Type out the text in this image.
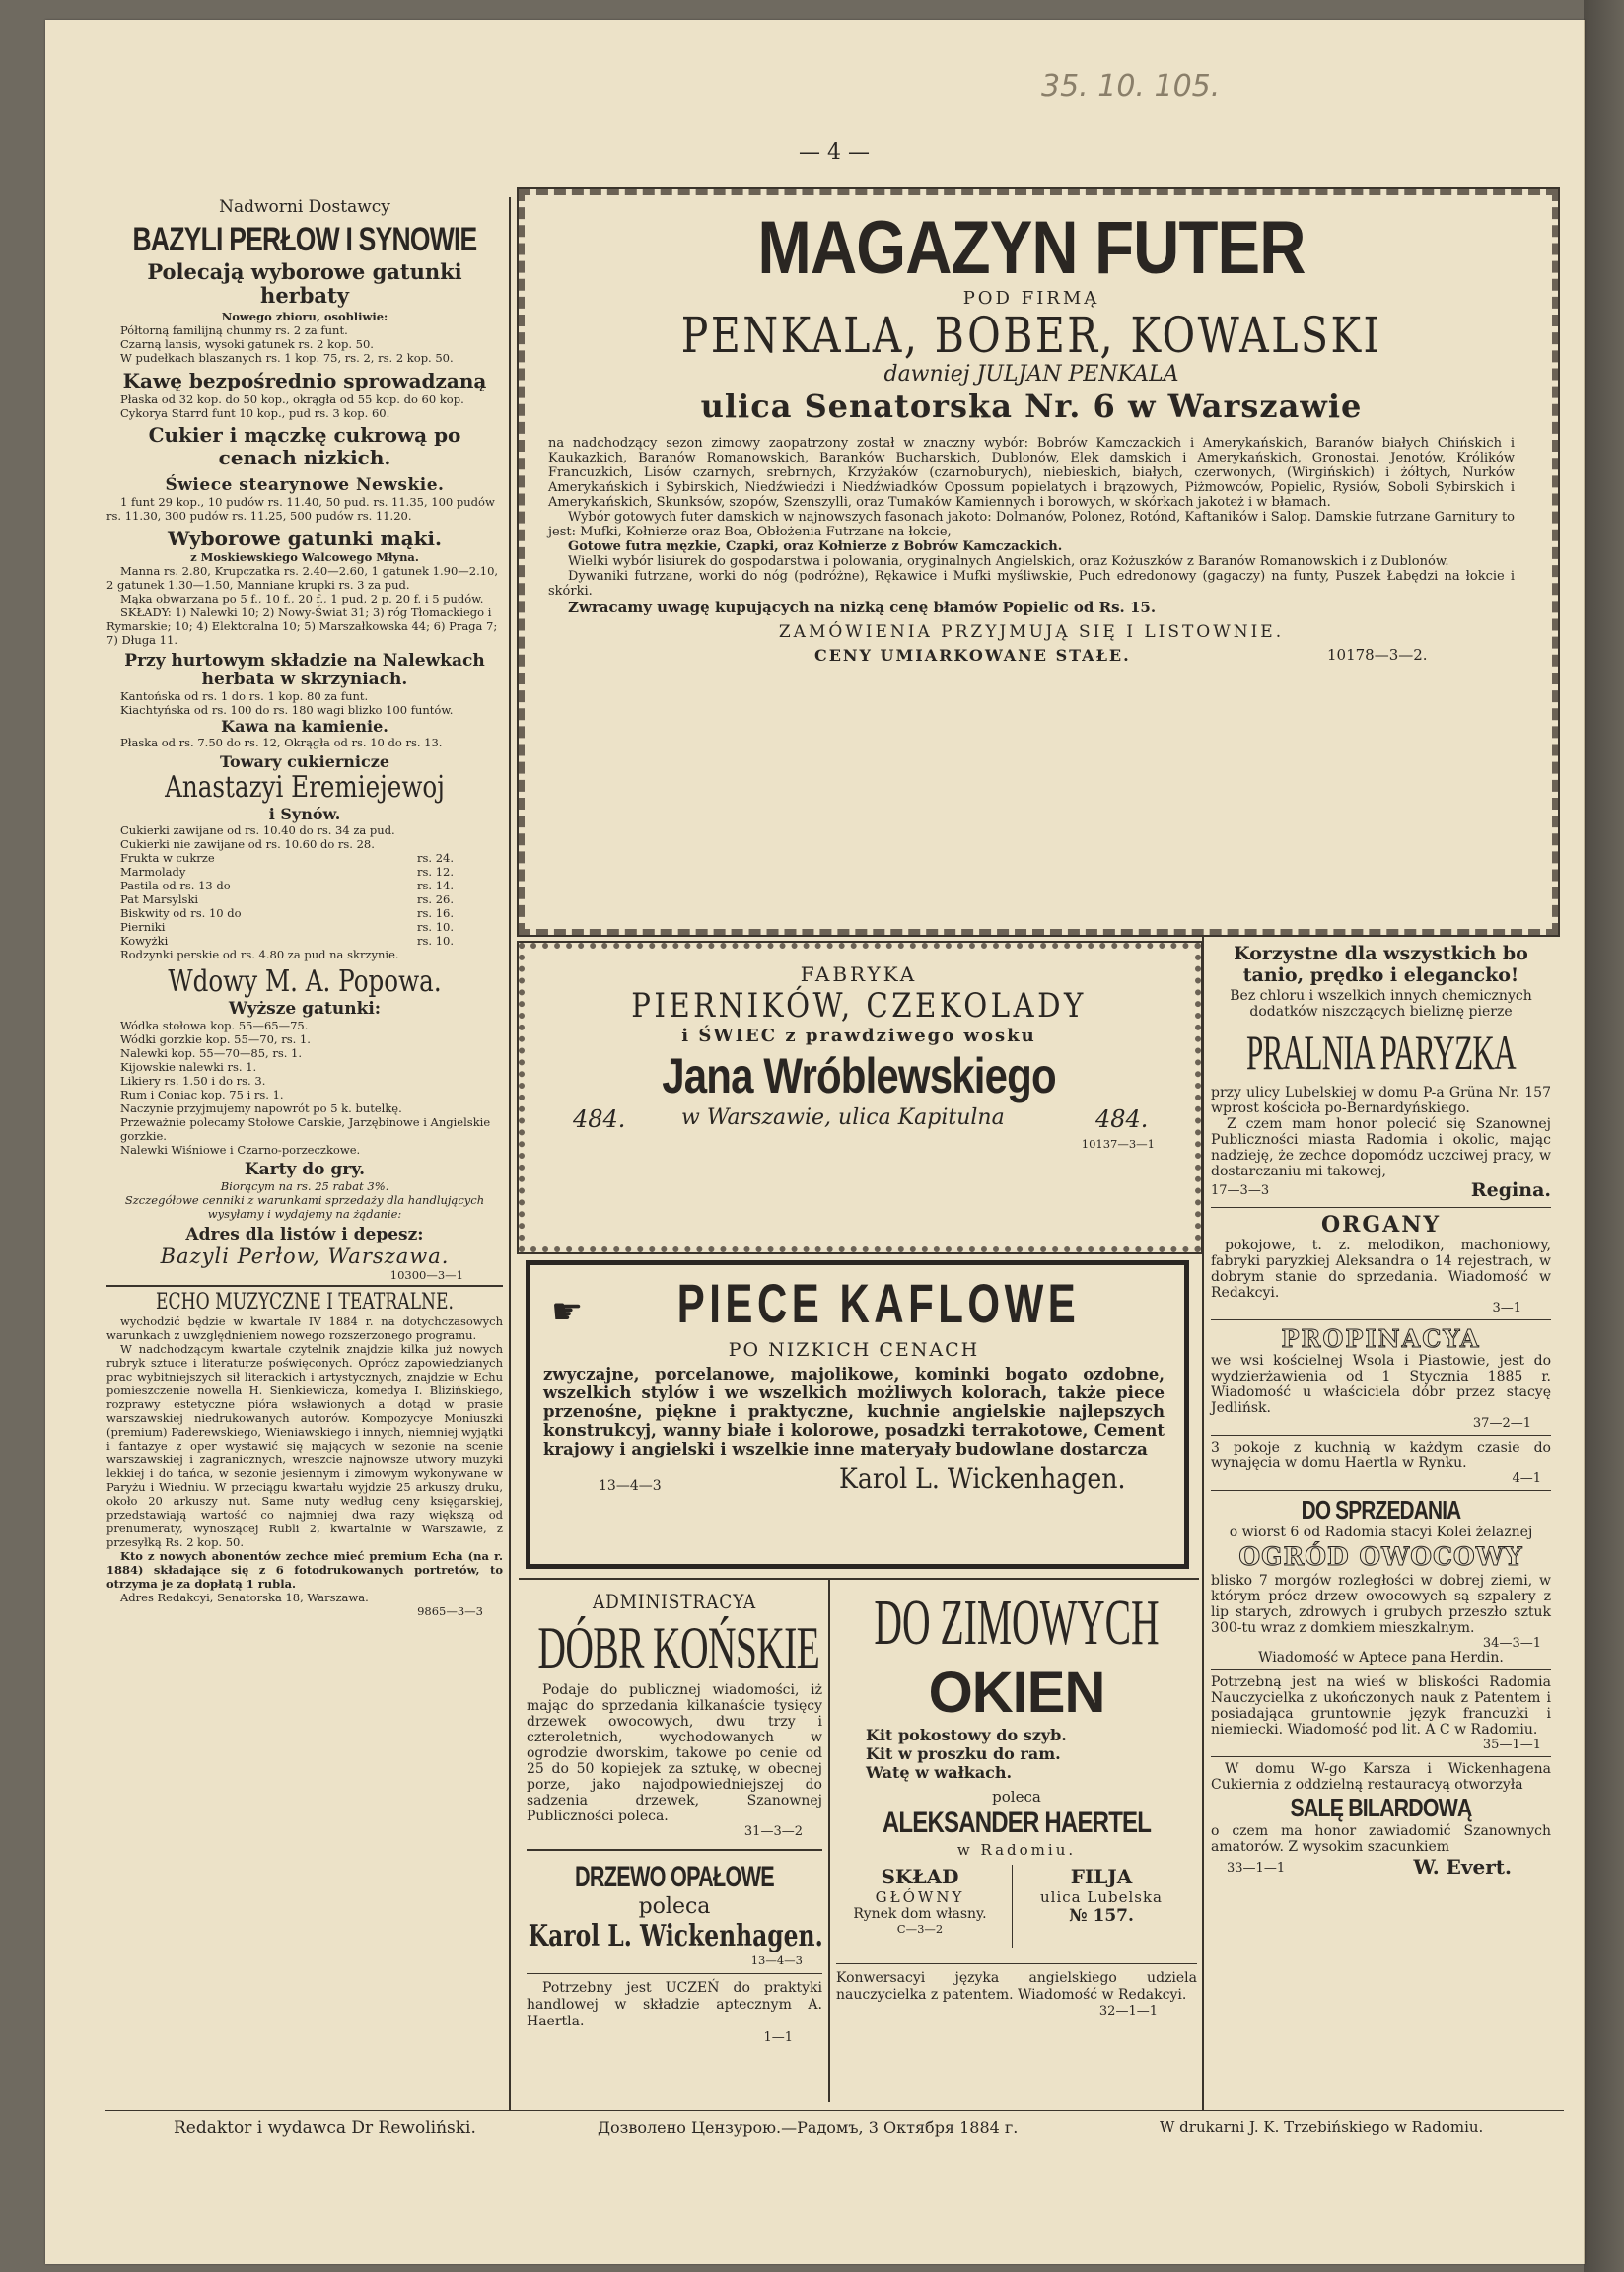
35. 10. 105.
— 4 —
Nadworni Dostawcy
BAZYLI PERŁOW I SYNOWIE
Polecają wyborowe gatunki herbaty
Nowego zbioru, osobliwie:
Półtorną familijną chunmy rs. 2 za funt.
Czarną lansis, wysoki gatunek rs. 2 kop. 50.
W pudełkach blaszanych rs. 1 kop. 75, rs. 2, rs. 2 kop. 50.
Kawę bezpośrednio sprowadzaną
Płaska od 32 kop. do 50 kop., okrągła od 55 kop. do 60 kop.
Cykorya Starrd funt 10 kop., pud rs. 3 kop. 60.
Cukier i mączkę cukrową po cenach nizkich.
Świece stearynowe Newskie.
1 funt 29 kop., 10 pudów rs. 11.40, 50 pud. rs. 11.35, 100 pudów rs. 11.30, 300 pudów rs. 11.25, 500 pudów rs. 11.20.
Wyborowe gatunki mąki.
z Moskiewskiego Walcowego Młyna.
Manna rs. 2.80, Krupczatka rs. 2.40—2.60, 1 gatunek 1.90—2.10, 2 gatunek 1.30—1.50, Manniane krupki rs. 3 za pud.
Mąka obwarzana po 5 f., 10 f., 20 f., 1 pud, 2 p. 20 f. i 5 pudów.
SKŁADY: 1) Nalewki 10; 2) Nowy-Świat 31; 3) róg Tłomackiego i Rymarskie; 10; 4) Elektoralna 10; 5) Marszałkowska 44; 6) Praga 7; 7) Długa 11.
Przy hurtowym składzie na Nalewkach herbata w skrzyniach.
Kantońska od rs. 1 do rs. 1 kop. 80 za funt.
Kiachtyńska od rs. 100 do rs. 180 wagi blizko 100 funtów.
Kawa na kamienie.
Płaska od rs. 7.50 do rs. 12, Okrągła od rs. 10 do rs. 13.
Towary cukiernicze
Anastazyi Eremiejewoj
i Synów.
Cukierki zawijane od rs. 10.40 do rs. 34 za pud.
Cukierki nie zawijane od rs. 10.60 do rs. 28.
Frukta w cukrze	rs. 24.
Marmolady	rs. 12.
Pastila od rs. 13 do	rs. 14.
Pat Marsylski	rs. 26.
Biskwity od rs. 10 do	rs. 16.
Pierniki	rs. 10.
Kowyżki	rs. 10.
Rodzynki perskie od rs. 4.80 za pud na skrzynie.
Wdowy M. A. Popowa.
Wyższe gatunki:
Wódka stołowa kop. 55—65—75.
Wódki gorzkie kop. 55—70, rs. 1.
Nalewki kop. 55—70—85, rs. 1.
Kijowskie nalewki rs. 1.
Likiery rs. 1.50 i do rs. 3.
Rum i Coniac kop. 75 i rs. 1.
Naczynie przyjmujemy napowrót po 5 k. butelkę.
Przeważnie polecamy Stołowe Carskie, Jarzębinowe i Angielskie gorzkie.
Nalewki Wiśniowe i Czarno-porzeczkowe.
Karty do gry.
Biorącym na rs. 25 rabat 3%.
Szczegółowe cenniki z warunkami sprzedaży dla handlujących wysyłamy i wydajemy na żądanie:
Adres dla listów i depesz:
Bazyli Perłow, Warszawa.
10300—3—1
ECHO MUZYCZNE I TEATRALNE.
wychodzić będzie w kwartale IV 1884 r. na dotychczasowych warunkach z uwzględnieniem nowego rozszerzonego programu.
W nadchodzącym kwartale czytelnik znajdzie kilka już nowych rubryk sztuce i literaturze poświęconych. Oprócz zapowiedzianych prac wybitniejszych sił literackich i artystycznych, znajdzie w Echu pomieszczenie nowella H. Sienkiewicza, komedya I. Blizińskiego, rozprawy estetyczne pióra wsławionych a dotąd w prasie warszawskiej niedrukowanych autorów. Kompozycye Moniuszki (premium) Paderewskiego, Wieniawskiego i innych, niemniej wyjątki i fantazye z oper wystawić się mających w sezonie na scenie warszawskiej i zagranicznych, wreszcie najnowsze utwory muzyki lekkiej i do tańca, w sezonie jesiennym i zimowym wykonywane w Paryżu i Wiedniu. W przeciągu kwartału wyjdzie 25 arkuszy druku, około 20 arkuszy nut. Same nuty według ceny księgarskiej, przedstawiają wartość co najmniej dwa razy większą od prenumeraty, wynoszącej Rubli 2, kwartalnie w Warszawie, z przesyłką Rs. 2 kop. 50.
Kto z nowych abonentów zechce mieć premium Echa (na r. 1884) składające się z 6 fotodrukowanych portretów, to otrzyma je za dopłatą 1 rubla.
Adres Redakcyi, Senatorska 18, Warszawa.
9865—3—3
MAGAZYN FUTER
POD FIRMĄ
PENKALA, BOBER, KOWALSKI
dawniej JULJAN PENKALA
ulica Senatorska Nr. 6 w Warszawie
na nadchodzący sezon zimowy zaopatrzony został w znaczny wybór: Bobrów Kamczackich i Amerykańskich, Baranów białych Chińskich i Kaukazkich, Baranów Romanowskich, Baranków Bucharskich, Dublonów, Elek damskich i Amerykańskich, Gronostai, Jenotów, Królików Francuzkich, Lisów czarnych, srebrnych, Krzyżaków (czarnoburych), niebieskich, białych, czerwonych, (Wirgińskich) i żółtych, Nurków Amerykańskich i Sybirskich, Niedźwiedzi i Niedźwiadków Opossum popielatych i brązowych, Piżmowców, Popielic, Rysiów, Soboli Sybirskich i Amerykańskich, Skunksów, szopów, Szenszylli, oraz Tumaków Kamiennych i borowych, w skórkach jakoteż i w błamach.
Wybór gotowych futer damskich w najnowszych fasonach jakoto: Dolmanów, Polonez, Rotónd, Kaftaników i Salop. Damskie futrzane Garnitury to jest: Mufki, Kołnierze oraz Boa, Obłożenia Futrzane na łokcie,
Gotowe futra męzkie, Czapki, oraz Kołnierze z Bobrów Kamczackich.
Wielki wybór lisiurek do gospodarstwa i polowania, oryginalnych Angielskich, oraz Kożuszków z Baranów Romanowskich i z Dublonów.
Dywaniki futrzane, worki do nóg (podróżne), Rękawice i Mufki myśliwskie, Puch edredonowy (gagaczy) na funty, Puszek Łabędzi na łokcie i skórki.
Zwracamy uwagę kupujących na nizką cenę błamów Popielic od Rs. 15.
ZAMÓWIENIA PRZYJMUJĄ SIĘ I LISTOWNIE.
CENY UMIARKOWANE STAŁE.	10178—3—2.
FABRYKA
PIERNIKÓW, CZEKOLADY
i ŚWIEC z prawdziwego wosku
Jana Wróblewskiego
484.	w Warszawie, ulica Kapitulna	484.
10137—3—1
☛ PIECE KAFLOWE
PO NIZKICH CENACH
zwyczajne, porcelanowe, majolikowe, kominki bogato ozdobne, wszelkich stylów i we wszelkich możliwych kolorach, także piece przenośne, piękne i praktyczne, kuchnie angielskie najlepszych konstrukcyj, wanny białe i kolorowe, posadzki terrakotowe, Cement krajowy i angielski i wszelkie inne materyały budowlane dostarcza
13—4—3	Karol L. Wickenhagen.
ADMINISTRACYA
DÓBR KOŃSKIE
Podaje do publicznej wiadomości, iż mając do sprzedania kilkanaście tysięcy drzewek owocowych, dwu trzy i czteroletnich, wychodowanych w ogrodzie dworskim, takowe po cenie od 25 do 50 kopiejek za sztukę, w obecnej porze, jako najodpowiedniejszej do sadzenia drzewek, Szanownej Publiczności poleca.
31—3—2
DRZEWO OPAŁOWE
poleca
Karol L. Wickenhagen.
13—4—3
Potrzebny jest UCZEŃ do praktyki handlowej w składzie aptecznym A. Haertla.
1—1
DO ZIMOWYCH
OKIEN
Kit pokostowy do szyb.
Kit w proszku do ram.
Watę w wałkach.
poleca
ALEKSANDER HAERTEL
w Radomiu.
SKŁAD
GŁÓWNY
Rynek dom własny.
C—3—2
FILJA
ulica Lubelska
№ 157.
Konwersacyi języka angielskiego udziela nauczycielka z patentem. Wiadomość w Redakcyi.
32—1—1
Korzystne dla wszystkich bo tanio, prędko i elegancko!
Bez chloru i wszelkich innych chemicznych dodatków niszczących bieliznę pierze
PRALNIA PARYZKA
przy ulicy Lubelskiej w domu P-a Grüna Nr. 157 wprost kościoła po-Bernardyńskiego.
Z czem mam honor polecić się Szanownej Publiczności miasta Radomia i okolic, mając nadzieję, że zechce dopomódz uczciwej pracy, w dostarczaniu mi takowej,
17—3—3	Regina.
ORGANY
pokojowe, t. z. melodikon, machoniowy, fabryki paryzkiej Aleksandra o 14 rejestrach, w dobrym stanie do sprzedania. Wiadomość w Redakcyi.
3—1
PROPINACYA
we wsi kościelnej Wsola i Piastowie, jest do wydzierżawienia od 1 Stycznia 1885 r. Wiadomość u właściciela dóbr przez stacyę Jedlińsk.
37—2—1
3 pokoje z kuchnią w każdym czasie do wynajęcia w domu Haertla w Rynku.
4—1
DO SPRZEDANIA
o wiorst 6 od Radomia stacyi Kolei żelaznej
OGRÓD OWOCOWY
blisko 7 morgów rozległości w dobrej ziemi, w którym prócz drzew owocowych są szpalery z lip starych, zdrowych i grubych przeszło sztuk 300-tu wraz z domkiem mieszkalnym.
34—3—1
Wiadomość w Aptece pana Herdin.
Potrzebną jest na wieś w bliskości Radomia Nauczycielka z ukończonych nauk z Patentem i posiadająca gruntownie język francuzki i niemiecki. Wiadomość pod lit. A C w Radomiu.
35—1—1
W domu W-go Karsza i Wickenhagena Cukiernia z oddzielną restauracyą otworzyła
SALĘ BILARDOWĄ
o czem ma honor zawiadomić Szanownych amatorów. Z wysokim szacunkiem
33—1—1	W. Evert.
Redaktor i wydawca Dr Rewoliński.	Дозволено Цензурою.—Радомъ, 3 Октября 1884 г.	W drukarni J. K. Trzebińskiego w Radomiu.
